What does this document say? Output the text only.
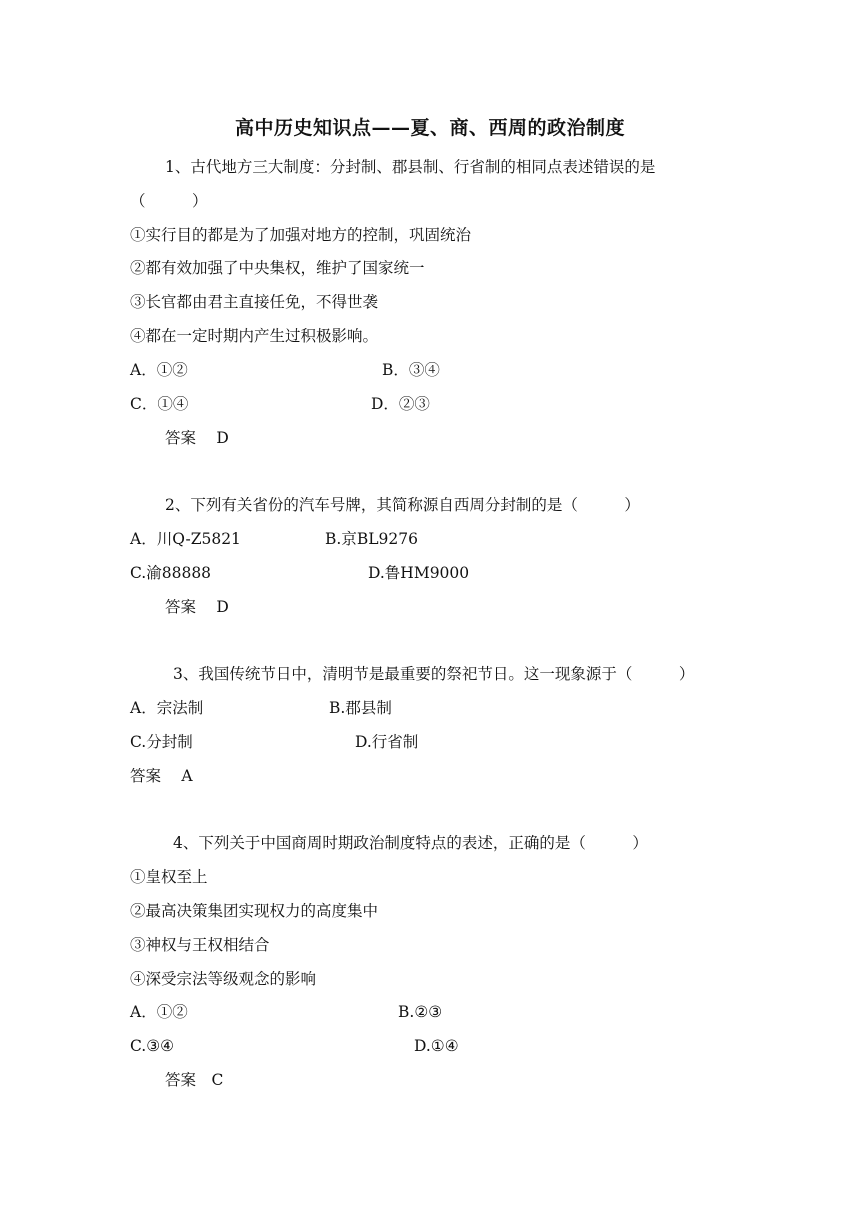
高中历史知识点——夏、商、西周的政治制度
1、古代地方三大制度：分封制、郡县制、行省制的相同点表述错误的是
（　　　）
①实行目的都是为了加强对地方的控制，巩固统治
②都有效加强了中央集权，维护了国家统一
③长官都由君主直接任免，不得世袭
④都在一定时期内产生过积极影响。
A．①②	B．③④
C．①④	D．②③
答案　 D
2、下列有关省份的汽车号牌，其简称源自西周分封制的是（　　　）
A．川Q-Z5821	B.京BL9276
C.渝88888	D.鲁HM9000
答案　 D
3、我国传统节日中，清明节是最重要的祭祀节日。这一现象源于（　　　）
A．宗法制	B.郡县制
C.分封制	D.行省制
答案　 A
4、下列关于中国商周时期政治制度特点的表述，正确的是（　　　）
①皇权至上
②最高决策集团实现权力的高度集中
③神权与王权相结合
④深受宗法等级观念的影响
A．①②	B.②③
C.③④	D.①④
答案　C
